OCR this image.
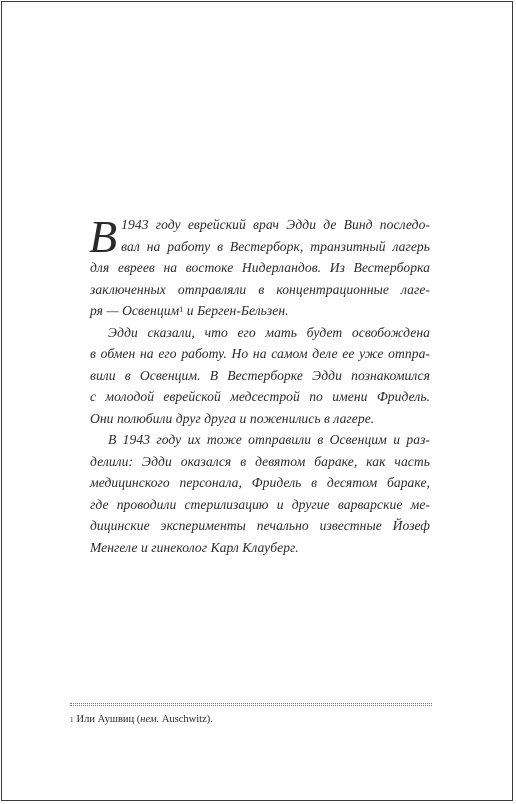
В 1943 году еврейский врач Эдди де Винд последо-
вал на работу в Вестерборк, транзитный лагерь
для евреев на востоке Нидерландов. Из Вестерборка
заключенных отправляли в концентрационные лаге-
ря — Освенцим$^1$ и Берген-Бельзен.
Эдди сказали, что его мать будет освобождена
в обмен на его работу. Но на самом деле ее уже отпра-
вили в Освенцим. В Вестерборке Эдди познакомился
с молодой еврейской медсестрой по имени Фридель.
Они полюбили друг друга и поженились в лагере.
В 1943 году их тоже отправили в Освенцим и раз-
делили: Эдди оказался в девятом бараке, как часть
медицинского персонала, Фридель в десятом бараке,
где проводили стерилизацию и другие варварские ме-
дицинские эксперименты печально известные Йозеф
Менгеле и гинеколог Карл Клауберг.
$^1$ Или Аушвиц (нем. Auschwitz).
